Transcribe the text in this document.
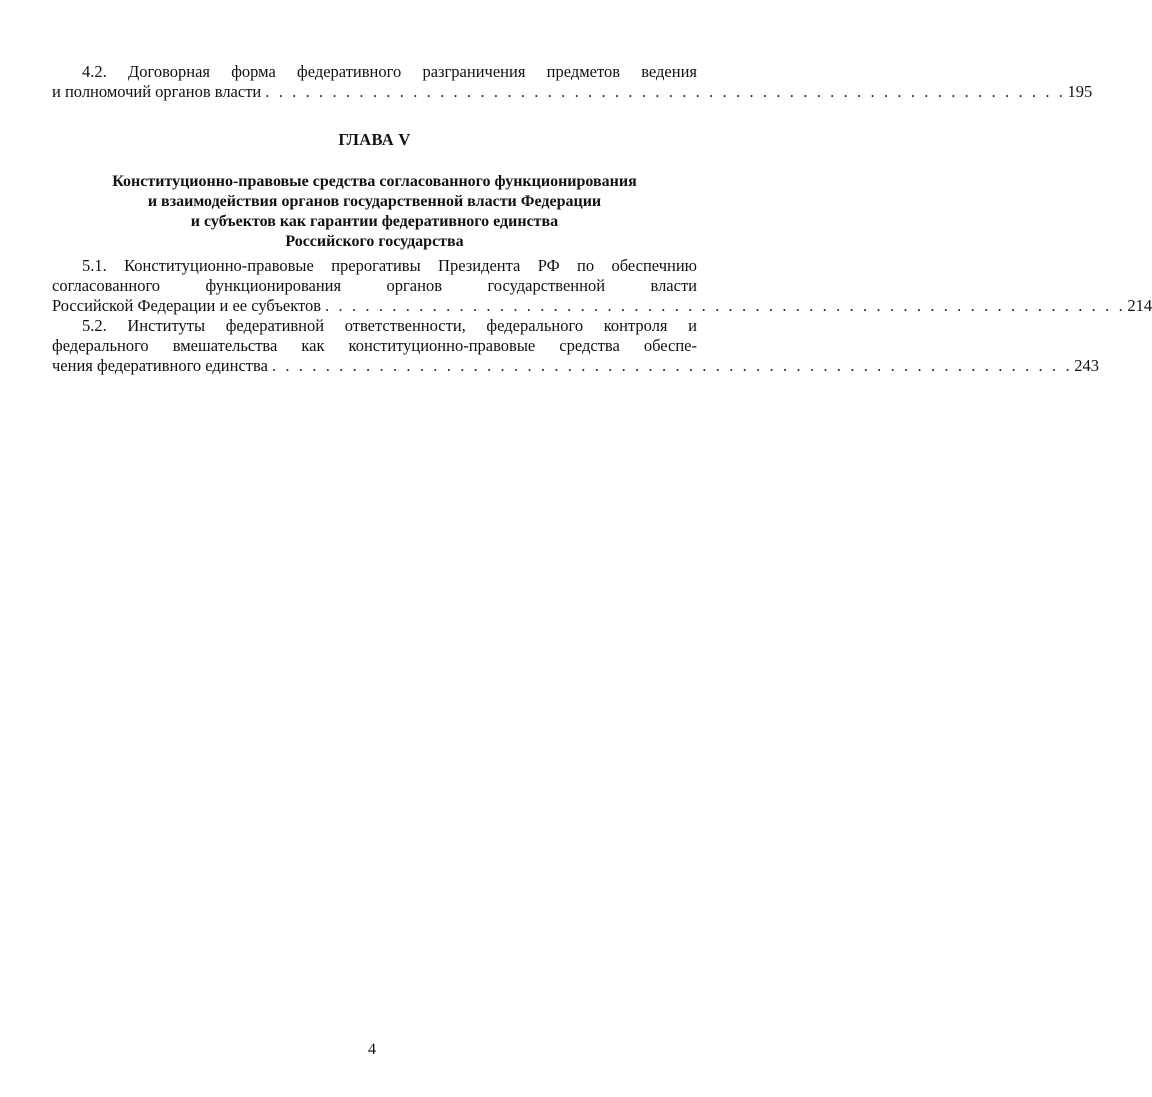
4.2. Договорная форма федеративного разграничения предметов ведения
и полномочий органов власти . . . . . . . . . . . . . . . . . . . . . . . . . . . . . . . . . . . . . . . . . . . . . . . . . . . . . . . . . . . . 195
ГЛАВА V
Конституционно-правовые средства согласованного функционирования
и взаимодействия органов государственной власти Федерации
и субъектов как гарантии федеративного единства
Российского государства
5.1. Конституционно-правовые прерогативы Президента РФ по обеспечнию
согласованного функционирования органов государственной власти
Российской Федерации и ее субъектов . . . . . . . . . . . . . . . . . . . . . . . . . . . . . . . . . . . . . . . . . . . . . . . . . . . . . . . . . . . . 214
5.2. Институты федеративной ответственности, федерального контроля и
федерального вмешательства как конституционно-правовые средства обеспе-
чения федеративного единства . . . . . . . . . . . . . . . . . . . . . . . . . . . . . . . . . . . . . . . . . . . . . . . . . . . . . . . . . . . . 243
4
